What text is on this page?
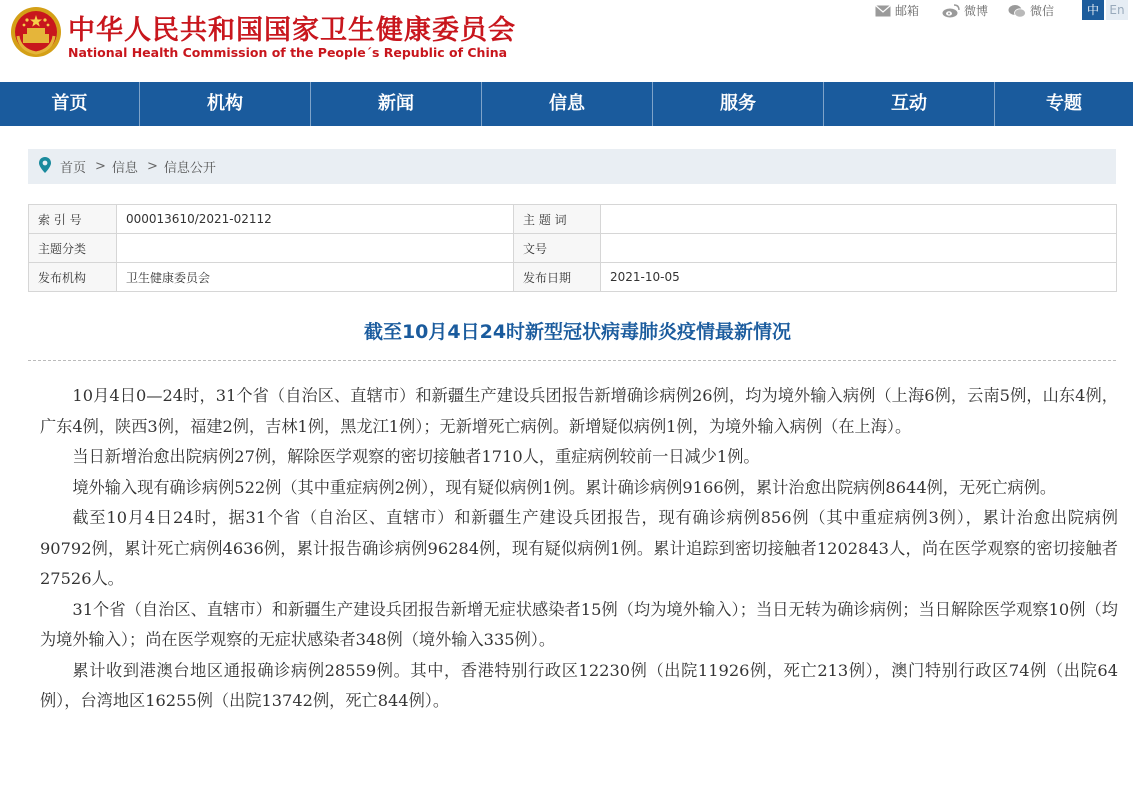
中华人民共和国国家卫生健康委员会
National Health Commission of the People´s Republic of China
邮箱	微博	微信	中 En
首页	机构	新闻	信息	服务	互动	专题
首页 > 信息 > 信息公开
索 引 号	000013610/2021-02112	主 题 词	
主题分类		文号	
发布机构	卫生健康委员会	发布日期	2021-10-05
截至10月4日24时新型冠状病毒肺炎疫情最新情况

10月4日0—24时，31个省（自治区、直辖市）和新疆生产建设兵团报告新增确诊病例26例，均为境外输入病例（上海6例，云南5例，山东4例，广东4例，陕西3例，福建2例，吉林1例，黑龙江1例）；无新增死亡病例。新增疑似病例1例，为境外输入病例（在上海）。

当日新增治愈出院病例27例，解除医学观察的密切接触者1710人，重症病例较前一日减少1例。

境外输入现有确诊病例522例（其中重症病例2例），现有疑似病例1例。累计确诊病例9166例，累计治愈出院病例8644例，无死亡病例。

截至10月4日24时，据31个省（自治区、直辖市）和新疆生产建设兵团报告，现有确诊病例856例（其中重症病例3例），累计治愈出院病例90792例，累计死亡病例4636例，累计报告确诊病例96284例，现有疑似病例1例。累计追踪到密切接触者1202843人，尚在医学观察的密切接触者27526人。

31个省（自治区、直辖市）和新疆生产建设兵团报告新增无症状感染者15例（均为境外输入）；当日无转为确诊病例；当日解除医学观察10例（均为境外输入）；尚在医学观察的无症状感染者348例（境外输入335例）。

累计收到港澳台地区通报确诊病例28559例。其中，香港特别行政区12230例（出院11926例，死亡213例），澳门特别行政区74例（出院64例），台湾地区16255例（出院13742例，死亡844例）。
